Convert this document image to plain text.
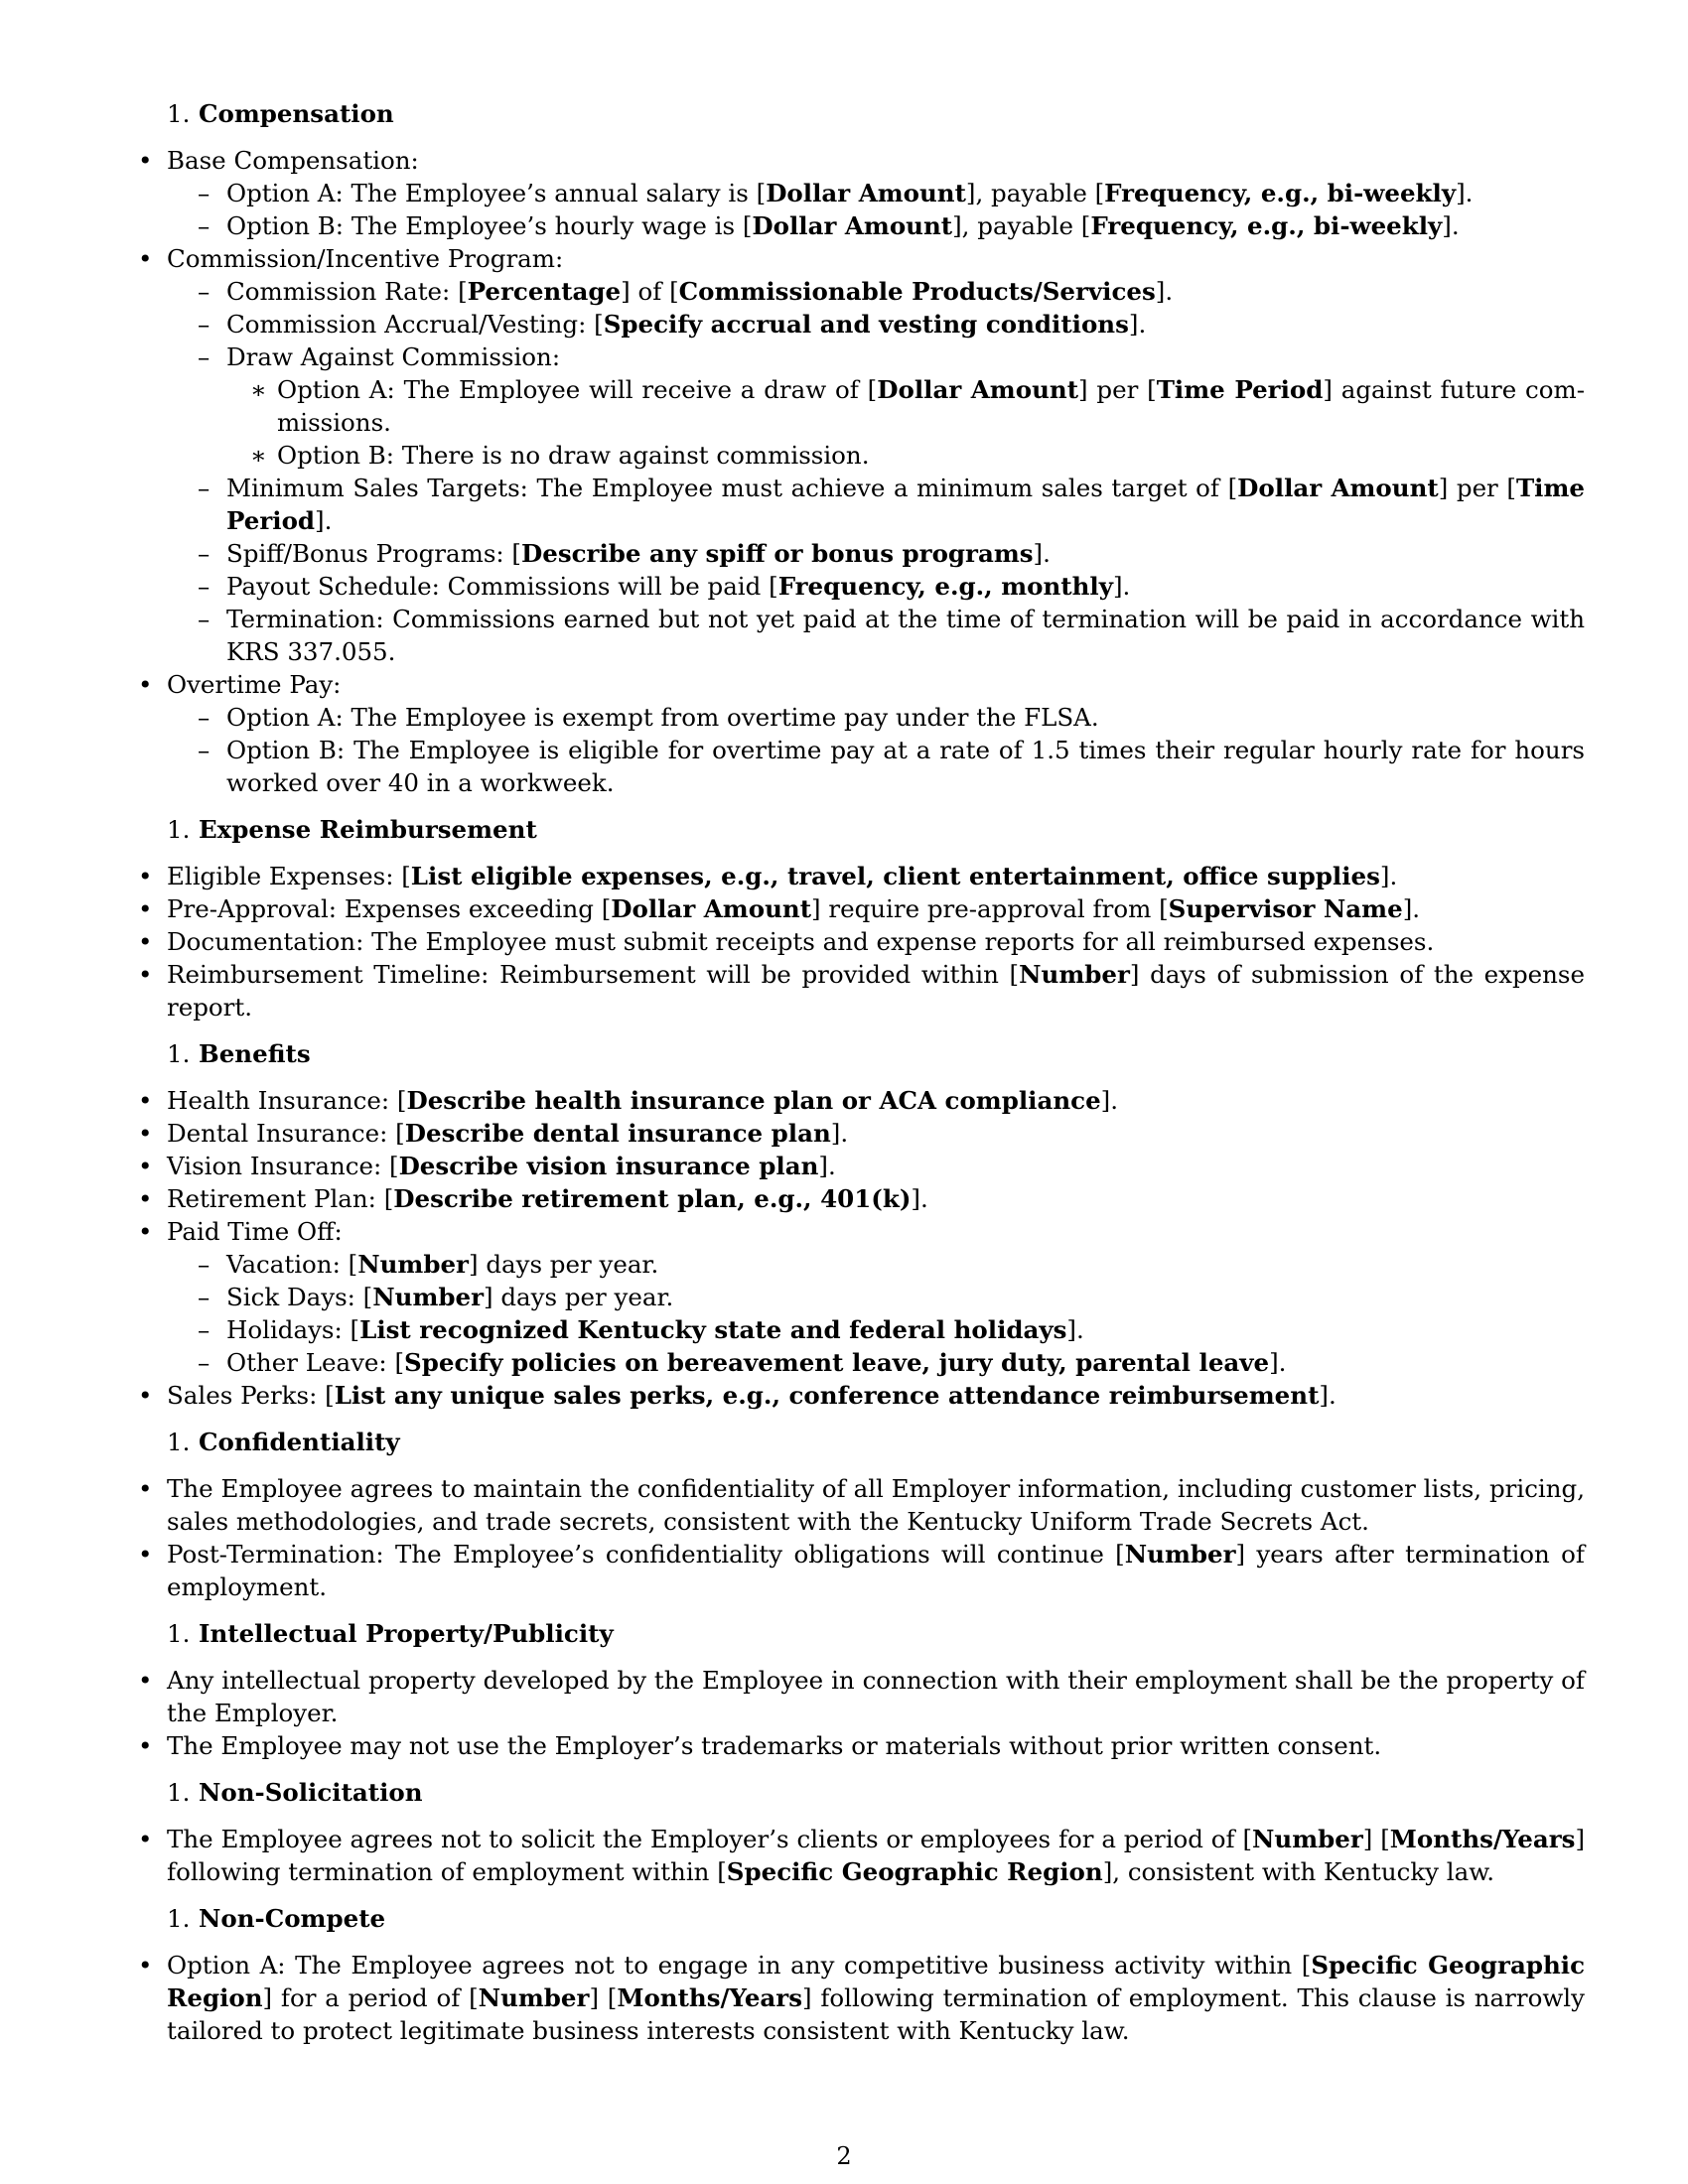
1. Compensation
• Base Compensation:
– Option A: The Employee’s annual salary is [Dollar Amount], payable [Frequency, e.g., bi-weekly].
– Option B: The Employee’s hourly wage is [Dollar Amount], payable [Frequency, e.g., bi-weekly].
• Commission/Incentive Program:
– Commission Rate: [Percentage] of [Commissionable Products/Services].
– Commission Accrual/Vesting: [Specify accrual and vesting conditions].
– Draw Against Commission:
∗ Option A: The Employee will receive a draw of [Dollar Amount] per [Time Period] against future commissions.
∗ Option B: There is no draw against commission.
– Minimum Sales Targets: The Employee must achieve a minimum sales target of [Dollar Amount] per [Time Period].
– Spiff/Bonus Programs: [Describe any spiff or bonus programs].
– Payout Schedule: Commissions will be paid [Frequency, e.g., monthly].
– Termination: Commissions earned but not yet paid at the time of termination will be paid in accordance with KRS 337.055.
• Overtime Pay:
– Option A: The Employee is exempt from overtime pay under the FLSA.
– Option B: The Employee is eligible for overtime pay at a rate of 1.5 times their regular hourly rate for hours worked over 40 in a workweek.
1. Expense Reimbursement
• Eligible Expenses: [List eligible expenses, e.g., travel, client entertainment, office supplies].
• Pre-Approval: Expenses exceeding [Dollar Amount] require pre-approval from [Supervisor Name].
• Documentation: The Employee must submit receipts and expense reports for all reimbursed expenses.
• Reimbursement Timeline: Reimbursement will be provided within [Number] days of submission of the expense report.
1. Benefits
• Health Insurance: [Describe health insurance plan or ACA compliance].
• Dental Insurance: [Describe dental insurance plan].
• Vision Insurance: [Describe vision insurance plan].
• Retirement Plan: [Describe retirement plan, e.g., 401(k)].
• Paid Time Off:
– Vacation: [Number] days per year.
– Sick Days: [Number] days per year.
– Holidays: [List recognized Kentucky state and federal holidays].
– Other Leave: [Specify policies on bereavement leave, jury duty, parental leave].
• Sales Perks: [List any unique sales perks, e.g., conference attendance reimbursement].
1. Confidentiality
• The Employee agrees to maintain the confidentiality of all Employer information, including customer lists, pricing, sales methodologies, and trade secrets, consistent with the Kentucky Uniform Trade Secrets Act.
• Post-Termination: The Employee’s confidentiality obligations will continue [Number] years after termination of employment.
1. Intellectual Property/Publicity
• Any intellectual property developed by the Employee in connection with their employment shall be the property of the Employer.
• The Employee may not use the Employer’s trademarks or materials without prior written consent.
1. Non-Solicitation
• The Employee agrees not to solicit the Employer’s clients or employees for a period of [Number] [Months/Years] following termination of employment within [Specific Geographic Region], consistent with Kentucky law.
1. Non-Compete
• Option A: The Employee agrees not to engage in any competitive business activity within [Specific Geographic Region] for a period of [Number] [Months/Years] following termination of employment. This clause is narrowly tailored to protect legitimate business interests consistent with Kentucky law.
2
